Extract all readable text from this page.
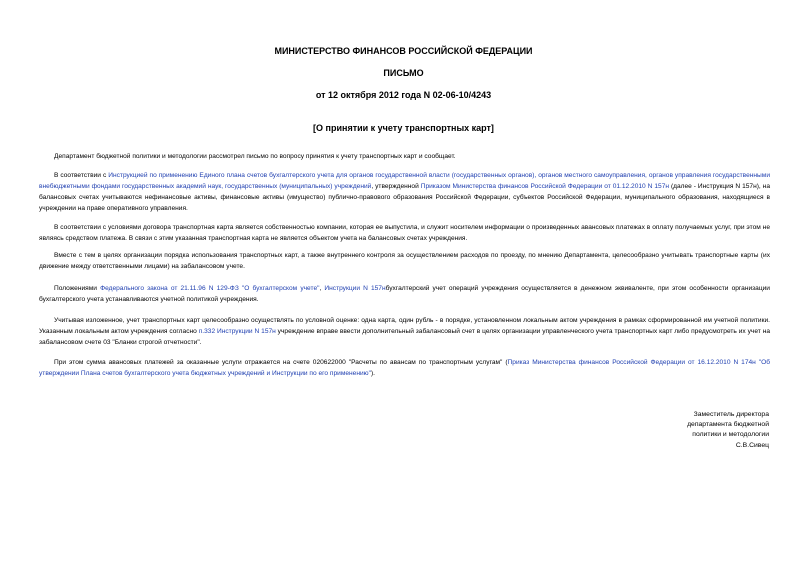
МИНИСТЕРСТВО ФИНАНСОВ РОССИЙСКОЙ ФЕДЕРАЦИИ
ПИСЬМО
от 12 октября 2012 года N 02-06-10/4243
[О принятии к учету транспортных карт]

Департамент бюджетной политики и методологии рассмотрел письмо по вопросу принятия к учету транспортных карт и сообщает.

В соответствии с Инструкцией по применению Единого плана счетов бухгалтерского учета для органов государственной власти (государственных органов), органов местного самоуправления, органов управления государственными внебюджетными фондами государственных академий наук, государственных (муниципальных) учреждений, утвержденной Приказом Министерства финансов Российской Федерации от 01.12.2010 N 157н (далее - Инструкция N 157н), на балансовых счетах учитываются нефинансовые активы, финансовые активы (имущество) публично-правового образования Российской Федерации, субъектов Российской Федерации, муниципального образования, находящиеся в учреждении на праве оперативного управления.

В соответствии с условиями договора транспортная карта является собственностью компании, которая ее выпустила, и служит носителем информации о произведенных авансовых платежах в оплату получаемых услуг, при этом не являясь средством платежа. В связи с этим указанная транспортная карта не является объектом учета на балансовых счетах учреждения.

Вместе с тем в целях организации порядка использования транспортных карт, а также внутреннего контроля за осуществлением расходов по проезду, по мнению Департамента, целесообразно учитывать транспортные карты (их движение между ответственными лицами) на забалансовом учете.

Положениями Федерального закона от 21.11.96 N 129-ФЗ "О бухгалтерском учете", Инструкции N 157нбухгалтерский учет операций учреждения осуществляется в денежном эквиваленте, при этом особенности организации бухгалтерского учета устанавливаются учетной политикой учреждения.

Учитывая изложенное, учет транспортных карт целесообразно осуществлять по условной оценке: одна карта, один рубль - в порядке, установленном локальным актом учреждения в рамках сформированной им учетной политики. Указанным локальным актом учреждения согласно п.332 Инструкции N 157н учреждение вправе ввести дополнительный забалансовый счет в целях организации управленческого учета транспортных карт либо предусмотреть их учет на забалансовом счете 03 "Бланки строгой отчетности".

При этом сумма авансовых платежей за оказанные услуги отражается на счете 020622000 "Расчеты по авансам по транспортным услугам" (Приказ Министерства финансов Российской Федерации от 16.12.2010 N 174н "Об утверждении Плана счетов бухгалтерского учета бюджетных учреждений и Инструкции по его применению").

Заместитель директора
департамента бюджетной
политики и методологии
С.В.Сивец
